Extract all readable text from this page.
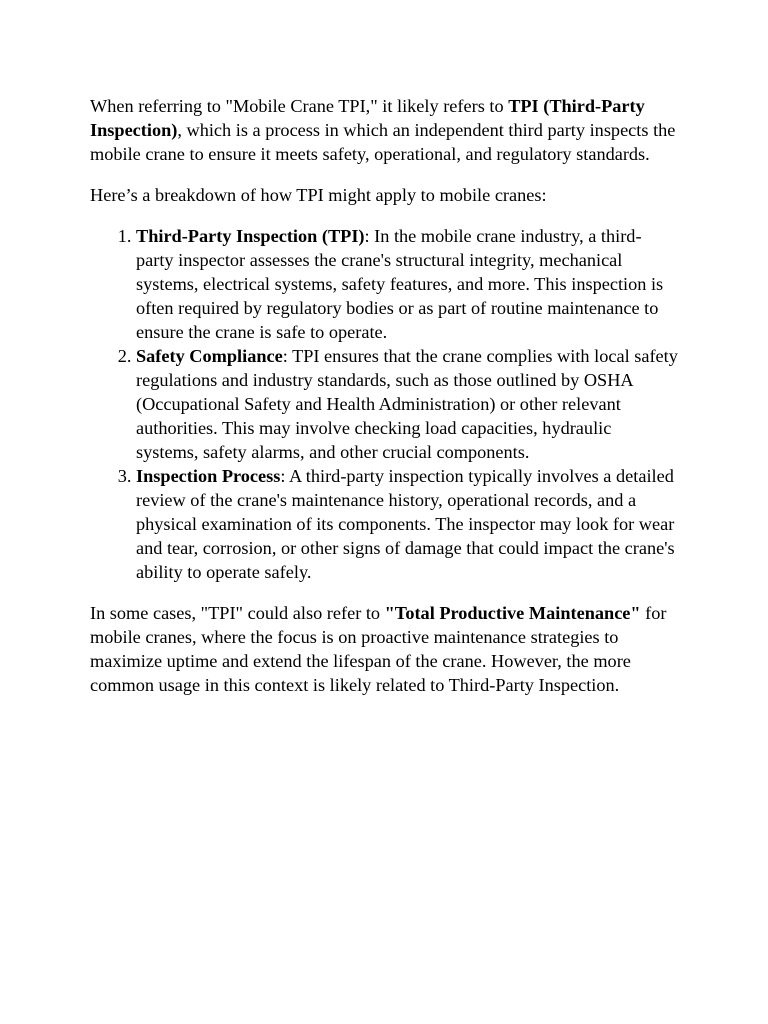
When referring to "Mobile Crane TPI," it likely refers to TPI (Third-Party Inspection), which is a process in which an independent third party inspects the mobile crane to ensure it meets safety, operational, and regulatory standards.

Here’s a breakdown of how TPI might apply to mobile cranes:

1. Third-Party Inspection (TPI): In the mobile crane industry, a third-party inspector assesses the crane's structural integrity, mechanical systems, electrical systems, safety features, and more. This inspection is often required by regulatory bodies or as part of routine maintenance to ensure the crane is safe to operate.
2. Safety Compliance: TPI ensures that the crane complies with local safety regulations and industry standards, such as those outlined by OSHA (Occupational Safety and Health Administration) or other relevant authorities. This may involve checking load capacities, hydraulic systems, safety alarms, and other crucial components.
3. Inspection Process: A third-party inspection typically involves a detailed review of the crane's maintenance history, operational records, and a physical examination of its components. The inspector may look for wear and tear, corrosion, or other signs of damage that could impact the crane's ability to operate safely.

In some cases, "TPI" could also refer to "Total Productive Maintenance" for mobile cranes, where the focus is on proactive maintenance strategies to maximize uptime and extend the lifespan of the crane. However, the more common usage in this context is likely related to Third-Party Inspection.
